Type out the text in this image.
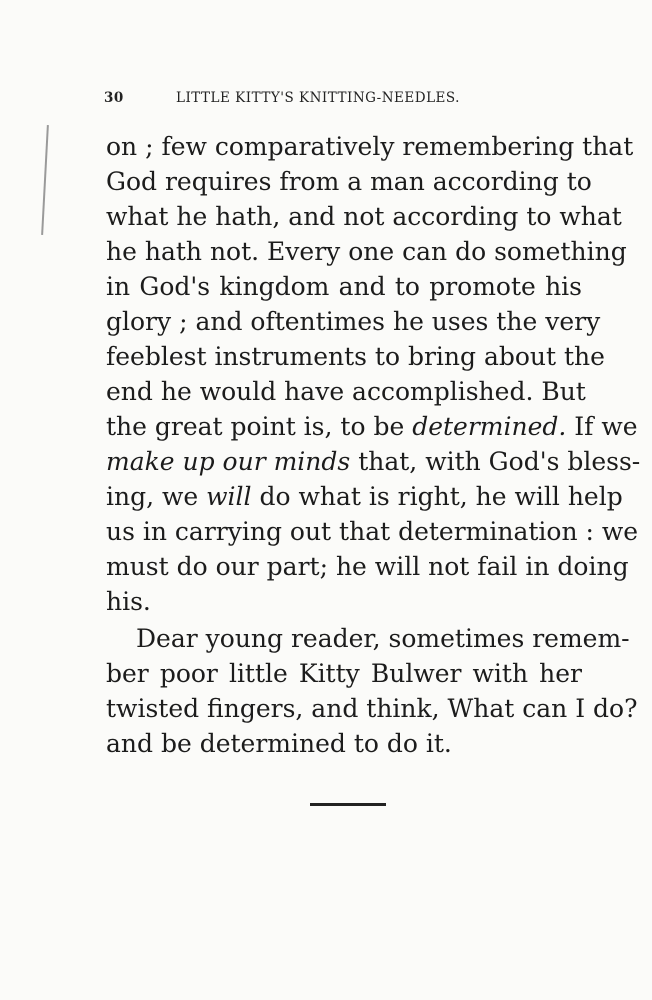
30	LITTLE KITTY'S KNITTING-NEEDLES.
on ; few comparatively remembering that
God requires from a man according to
what he hath, and not according to what
he hath not. Every one can do something
in God's kingdom and to promote his
glory ; and oftentimes he uses the very
feeblest instruments to bring about the
end he would have accomplished. But
the great point is, to be determined. If we
make up our minds that, with God's bless-
ing, we will do what is right, he will help
us in carrying out that determination : we
must do our part; he will not fail in doing
his.
Dear young reader, sometimes remem-
ber poor little Kitty Bulwer with her
twisted fingers, and think, What can I do?
and be determined to do it.
